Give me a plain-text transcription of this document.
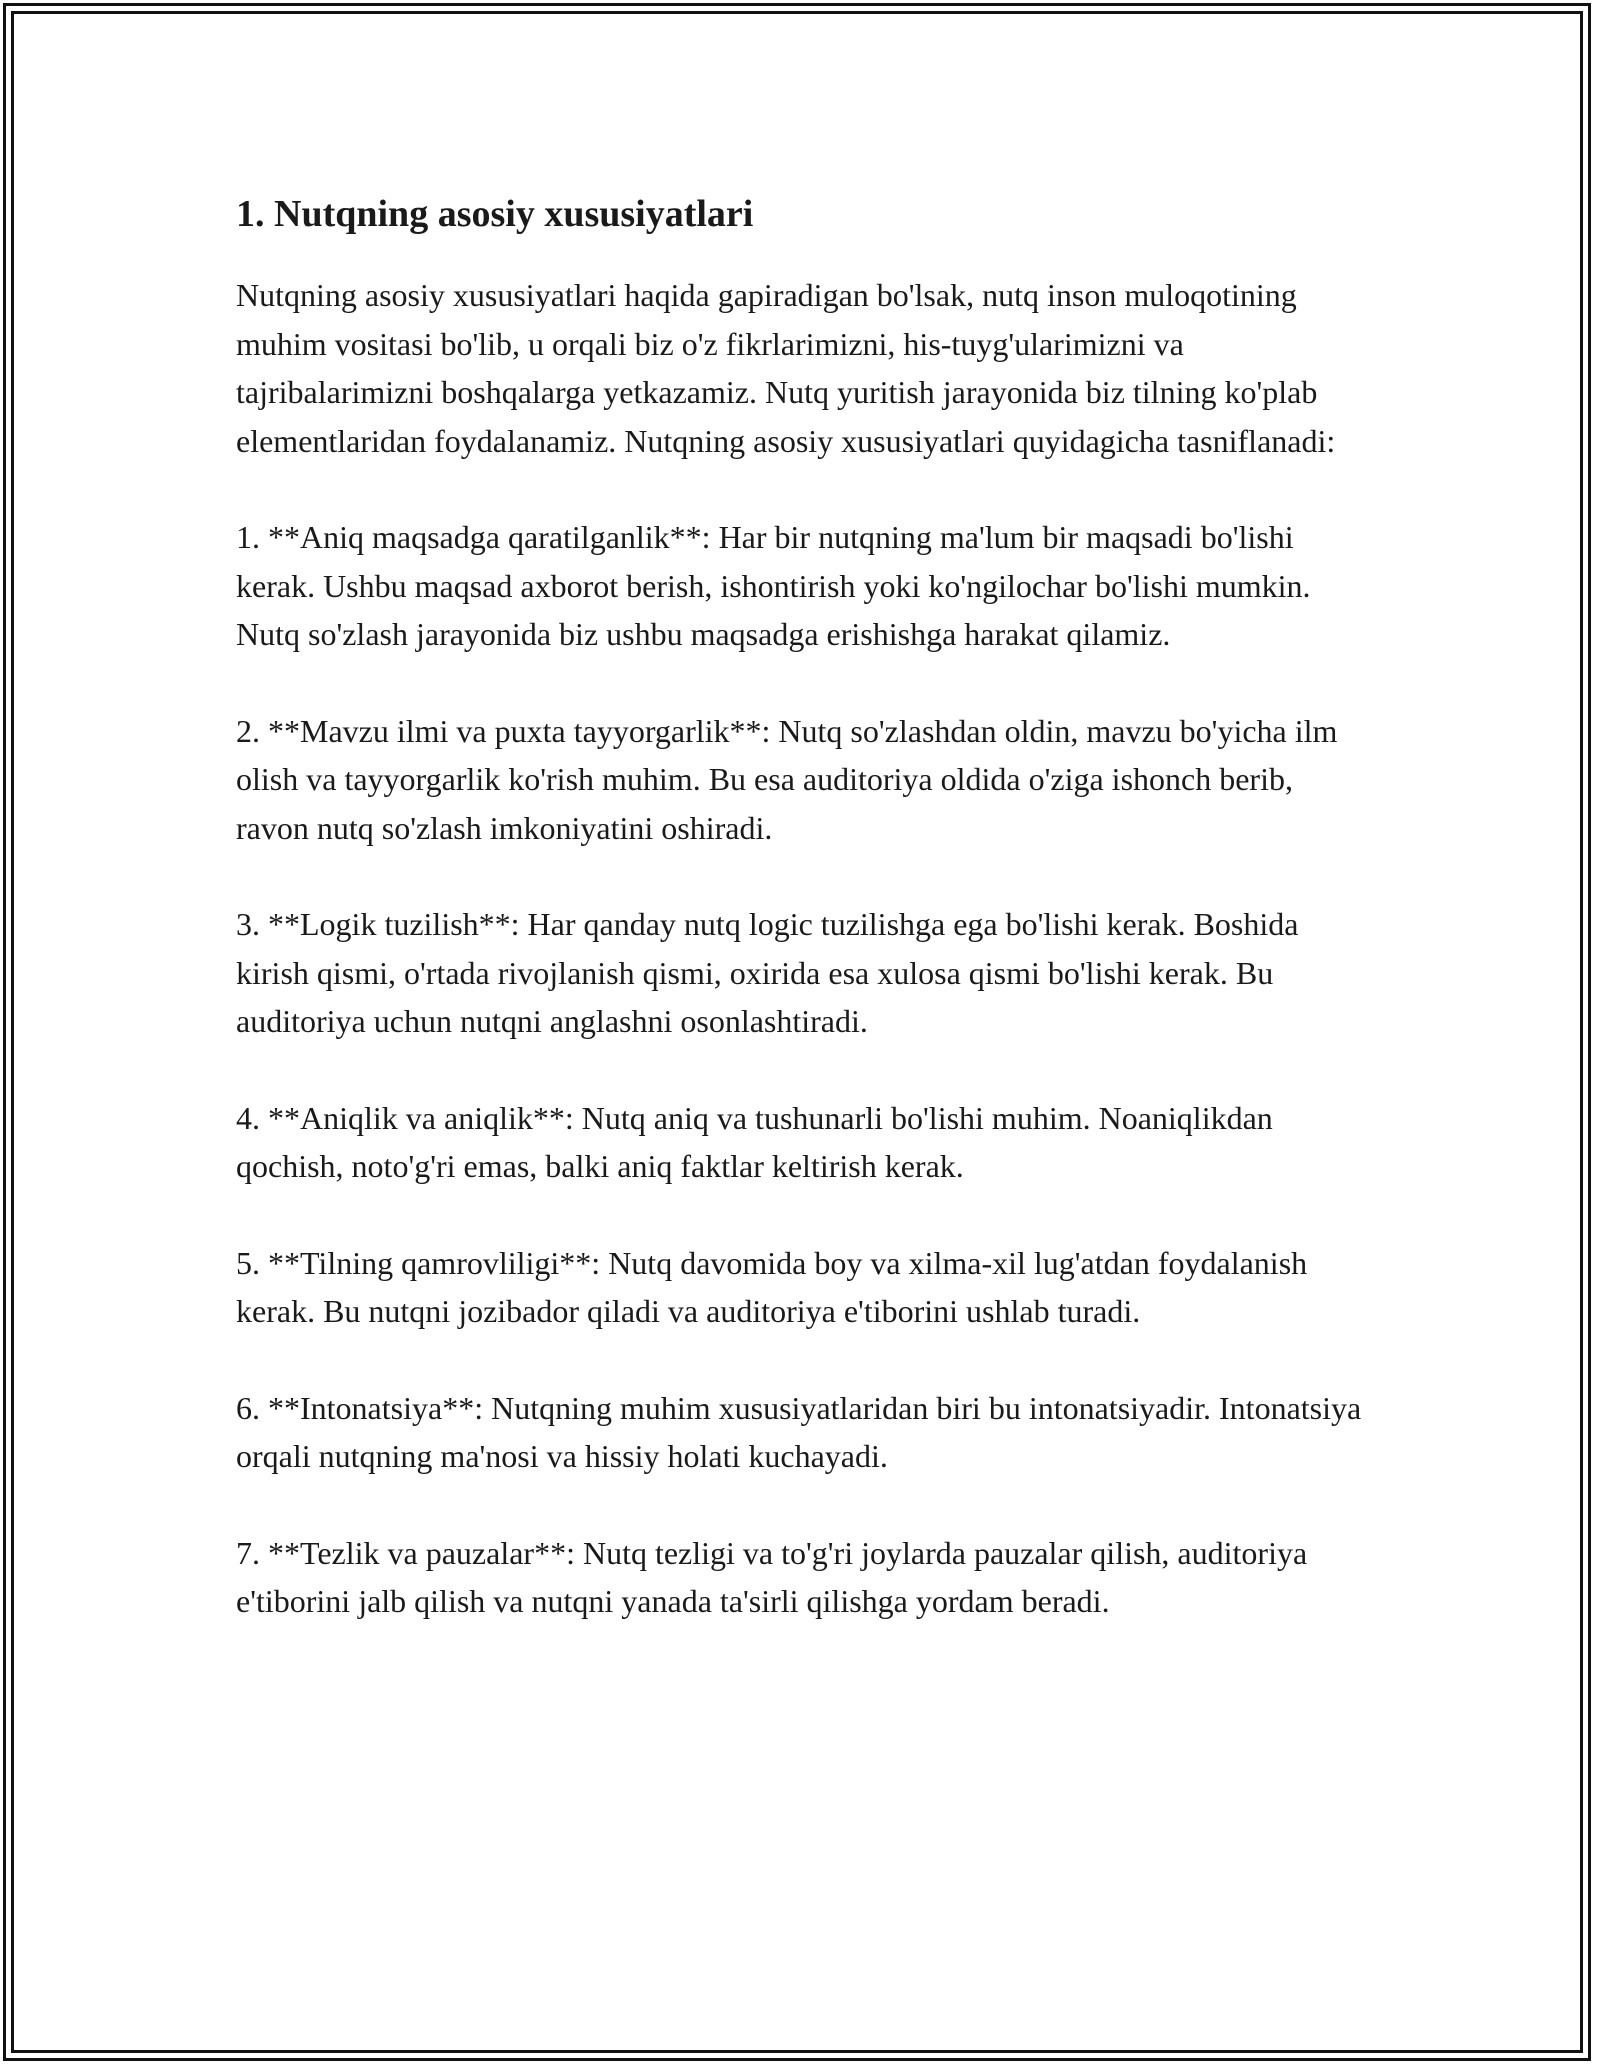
1. Nutqning asosiy xususiyatlari

Nutqning asosiy xususiyatlari haqida gapiradigan bo'lsak, nutq inson muloqotining muhim vositasi bo'lib, u orqali biz o'z fikrlarimizni, his-tuyg'ularimizni va tajribalarimizni boshqalarga yetkazamiz. Nutq yuritish jarayonida biz tilning ko'plab elementlaridan foydalanamiz. Nutqning asosiy xususiyatlari quyidagicha tasniflanadi:

1. **Aniq maqsadga qaratilganlik**: Har bir nutqning ma'lum bir maqsadi bo'lishi kerak. Ushbu maqsad axborot berish, ishontirish yoki ko'ngilochar bo'lishi mumkin. Nutq so'zlash jarayonida biz ushbu maqsadga erishishga harakat qilamiz.

2. **Mavzu ilmi va puxta tayyorgarlik**: Nutq so'zlashdan oldin, mavzu bo'yicha ilm olish va tayyorgarlik ko'rish muhim. Bu esa auditoriya oldida o'ziga ishonch berib, ravon nutq so'zlash imkoniyatini oshiradi.

3. **Logik tuzilish**: Har qanday nutq logic tuzilishga ega bo'lishi kerak. Boshida kirish qismi, o'rtada rivojlanish qismi, oxirida esa xulosa qismi bo'lishi kerak. Bu auditoriya uchun nutqni anglashni osonlashtiradi.

4. **Aniqlik va aniqlik**: Nutq aniq va tushunarli bo'lishi muhim. Noaniqlikdan qochish, noto'g'ri emas, balki aniq faktlar keltirish kerak.

5. **Tilning qamrovliligi**: Nutq davomida boy va xilma-xil lug'atdan foydalanish kerak. Bu nutqni jozibador qiladi va auditoriya e'tiborini ushlab turadi.

6. **Intonatsiya**: Nutqning muhim xususiyatlaridan biri bu intonatsiyadir. Intonatsiya orqali nutqning ma'nosi va hissiy holati kuchayadi.

7. **Tezlik va pauzalar**: Nutq tezligi va to'g'ri joylarda pauzalar qilish, auditoriya e'tiborini jalb qilish va nutqni yanada ta'sirli qilishga yordam beradi.
